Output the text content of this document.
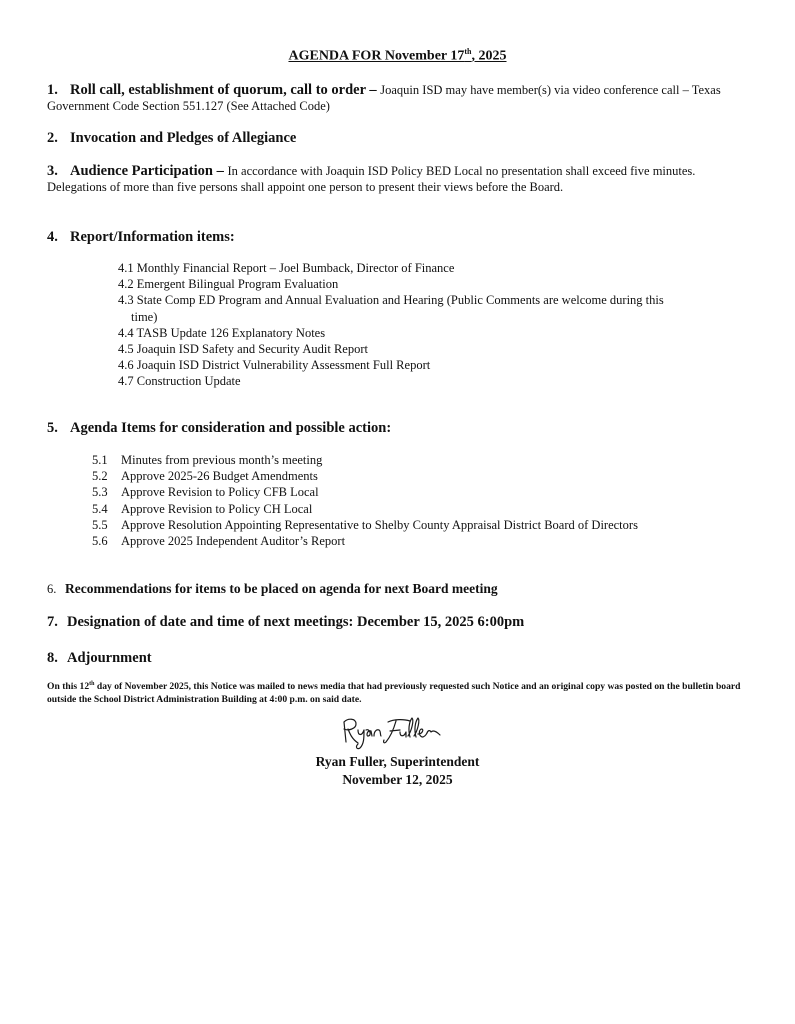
AGENDA FOR November 17th, 2025
1. Roll call, establishment of quorum, call to order – Joaquin ISD may have member(s) via video conference call – Texas Government Code Section 551.127 (See Attached Code)
2. Invocation and Pledges of Allegiance
3. Audience Participation – In accordance with Joaquin ISD Policy BED Local no presentation shall exceed five minutes. Delegations of more than five persons shall appoint one person to present their views before the Board.
4. Report/Information items:
4.1 Monthly Financial Report – Joel Bumback, Director of Finance
4.2 Emergent Bilingual Program Evaluation
4.3 State Comp ED Program and Annual Evaluation and Hearing (Public Comments are welcome during this
time)
4.4 TASB Update 126 Explanatory Notes
4.5 Joaquin ISD Safety and Security Audit Report
4.6 Joaquin ISD District Vulnerability Assessment Full Report
4.7 Construction Update
5. Agenda Items for consideration and possible action:
5.1 Minutes from previous month’s meeting
5.2 Approve 2025-26 Budget Amendments
5.3 Approve Revision to Policy CFB Local
5.4 Approve Revision to Policy CH Local
5.5 Approve Resolution Appointing Representative to Shelby County Appraisal District Board of Directors
5.6 Approve 2025 Independent Auditor’s Report
6. Recommendations for items to be placed on agenda for next Board meeting
7. Designation of date and time of next meetings: December 15, 2025 6:00pm
8. Adjournment
On this 12th day of November 2025, this Notice was mailed to news media that had previously requested such Notice and an original copy was posted on the bulletin board outside the School District Administration Building at 4:00 p.m. on said date.
Ryan Fuller, Superintendent
November 12, 2025
